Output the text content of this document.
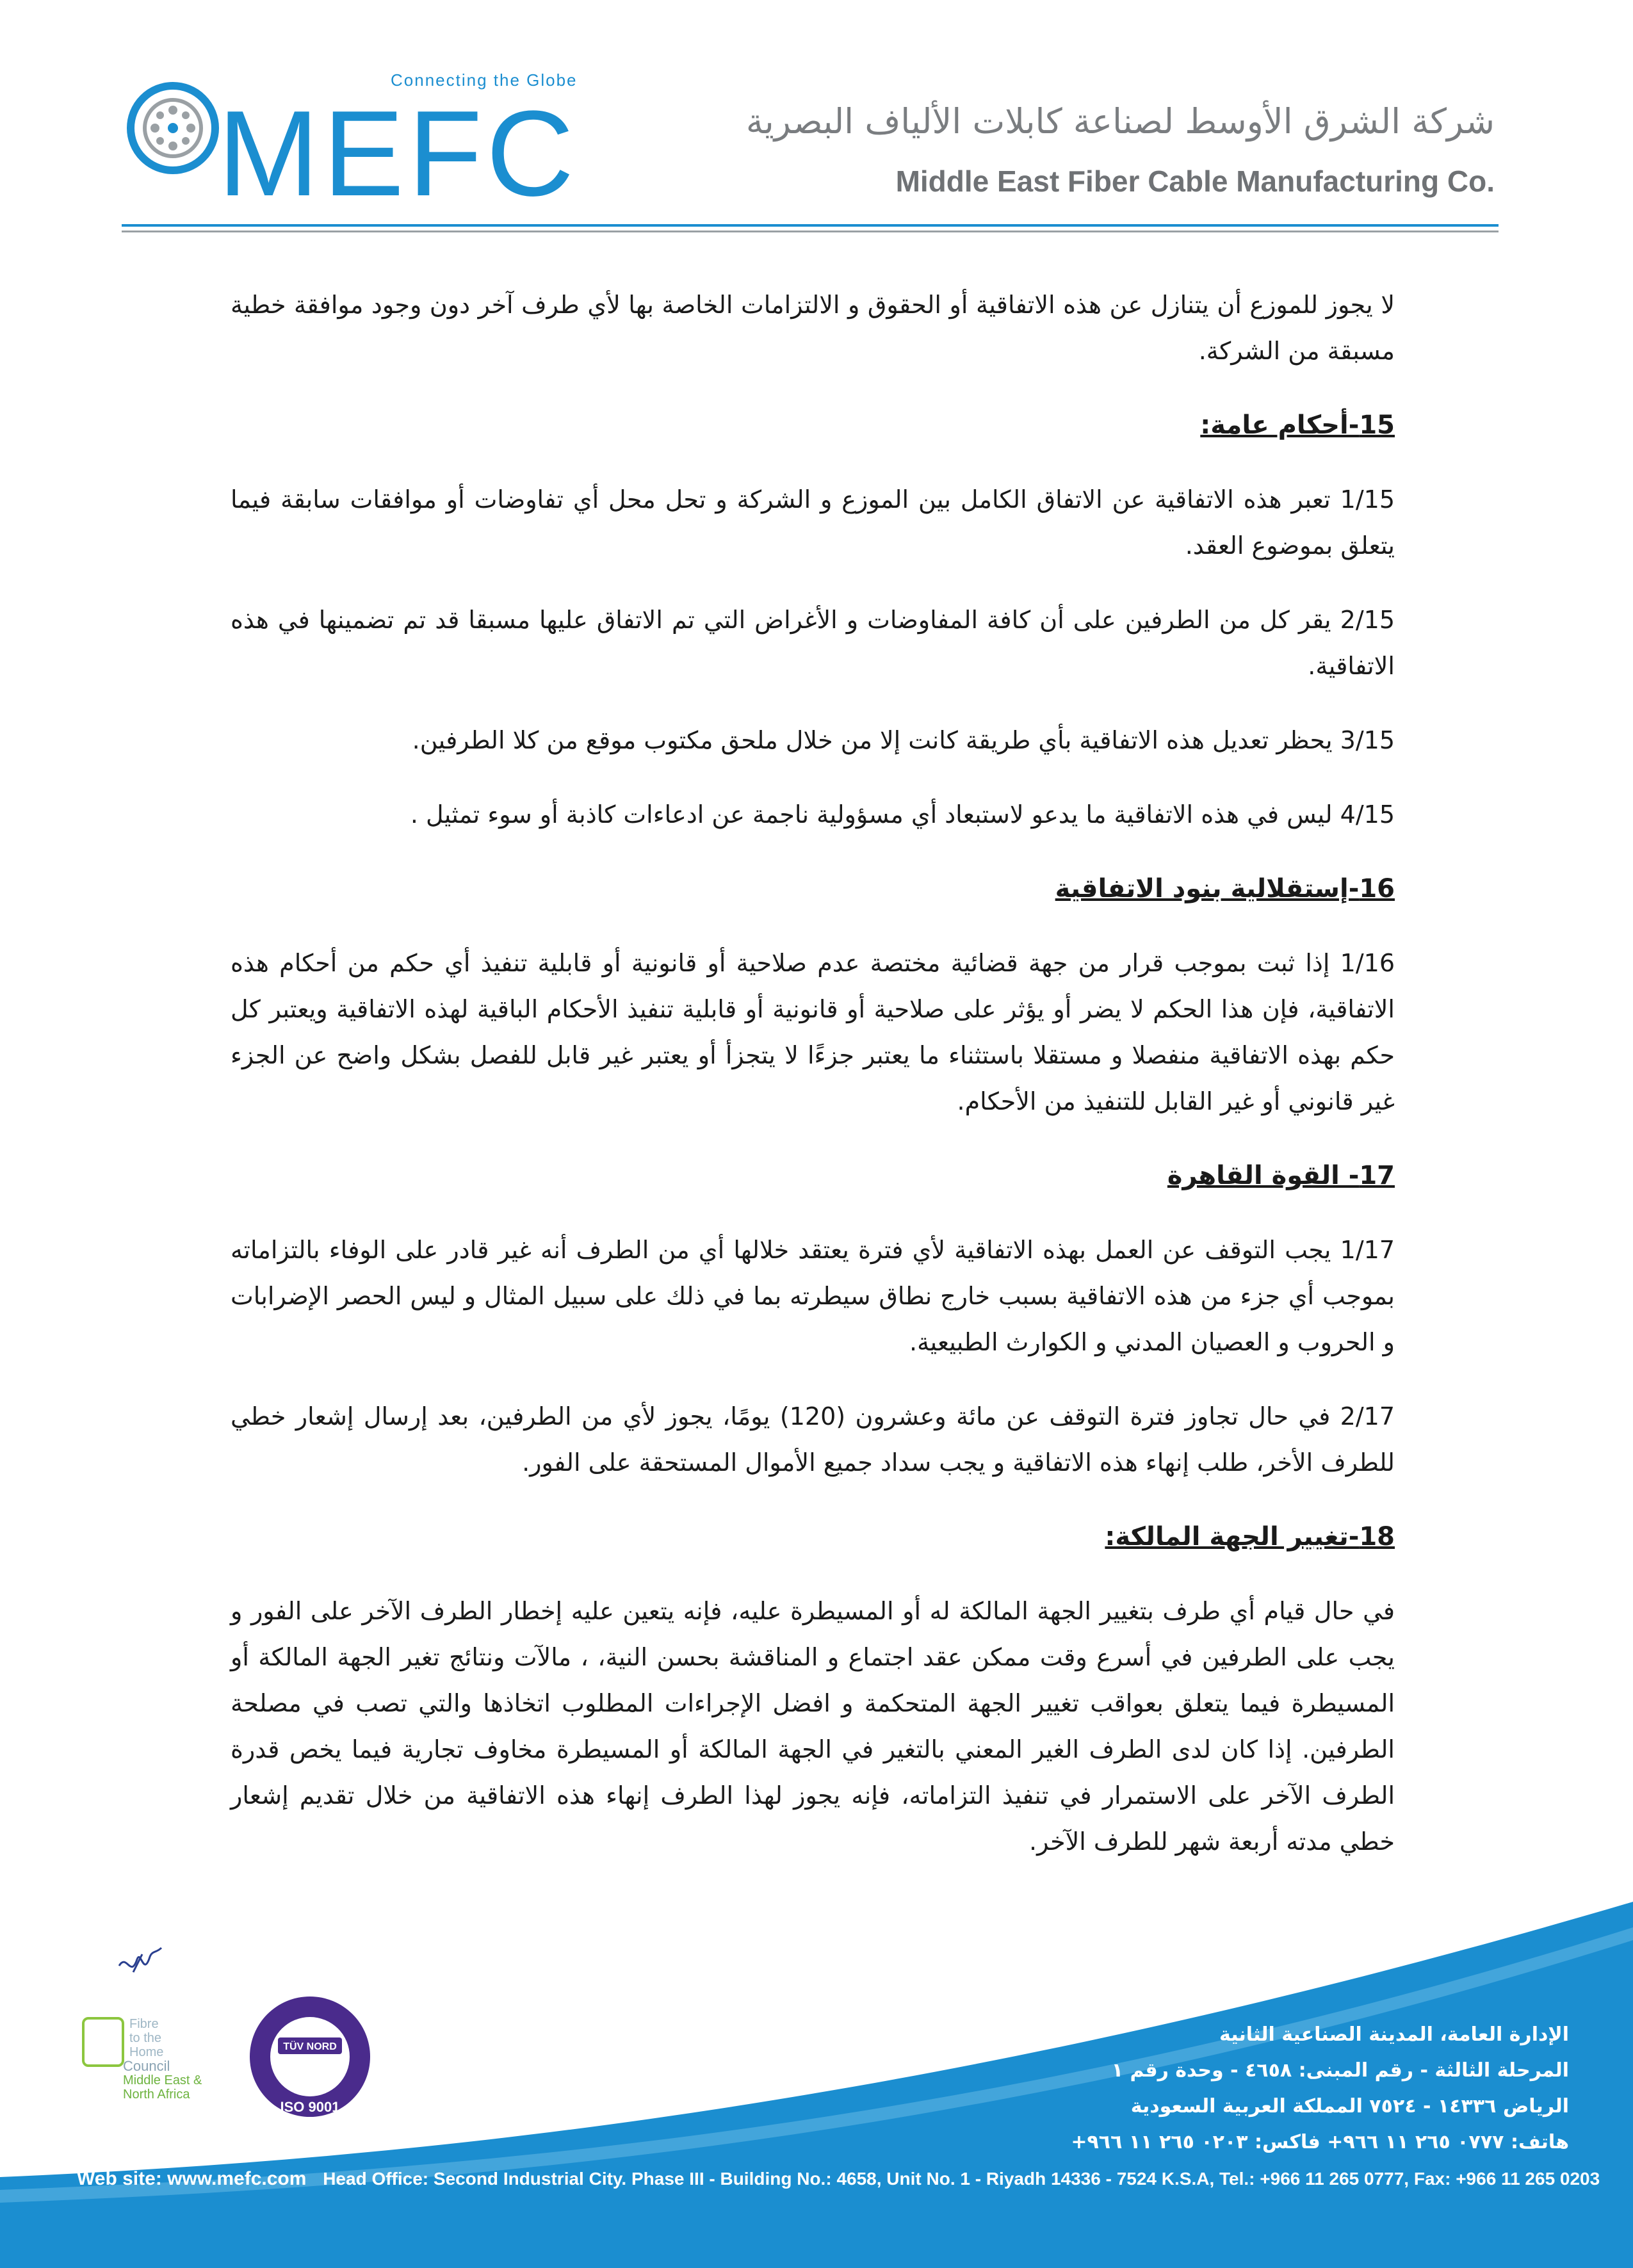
Connecting the Globe
MEFC	شركة الشرق الأوسط لصناعة كابلات الألياف البصرية
Middle East Fiber Cable Manufacturing Co.

لا يجوز للموزع أن يتنازل عن هذه الاتفاقية أو الحقوق و الالتزامات الخاصة بها لأي طرف آخر دون وجود موافقة خطية مسبقة من الشركة.

15-أحكام عامة:

1/15 تعبر هذه الاتفاقية عن الاتفاق الكامل بين الموزع و الشركة و تحل محل أي تفاوضات أو موافقات سابقة فيما يتعلق بموضوع العقد.

2/15 يقر كل من الطرفين على أن كافة المفاوضات و الأغراض التي تم الاتفاق عليها مسبقا قد تم تضمينها في هذه الاتفاقية.

3/15 يحظر تعديل هذه الاتفاقية بأي طريقة كانت إلا من خلال ملحق مكتوب موقع من كلا الطرفين.

4/15 ليس في هذه الاتفاقية ما يدعو لاستبعاد أي مسؤولية ناجمة عن ادعاءات كاذبة أو سوء تمثيل .

16-إستقلالية بنود الاتفاقية

1/16 إذا ثبت بموجب قرار من جهة قضائية مختصة عدم صلاحية أو قانونية أو قابلية تنفيذ أي حكم من أحكام هذه الاتفاقية، فإن هذا الحكم لا يضر أو يؤثر على صلاحية أو قانونية أو قابلية تنفيذ الأحكام الباقية لهذه الاتفاقية ويعتبر كل حكم بهذه الاتفاقية منفصلا و مستقلا باستثناء ما يعتبر جزءًا لا يتجزأ أو يعتبر غير قابل للفصل بشكل واضح عن الجزء غير قانوني أو غير القابل للتنفيذ من الأحكام.

17- القوة القاهرة

1/17 يجب التوقف عن العمل بهذه الاتفاقية لأي فترة يعتقد خلالها أي من الطرف أنه غير قادر على الوفاء بالتزاماته بموجب أي جزء من هذه الاتفاقية بسبب خارج نطاق سيطرته بما في ذلك على سبيل المثال و ليس الحصر الإضرابات و الحروب و العصيان المدني و الكوارث الطبيعية.

2/17 في حال تجاوز فترة التوقف عن مائة وعشرون (120) يومًا، يجوز لأي من الطرفين، بعد إرسال إشعار خطي للطرف الأخر، طلب إنهاء هذه الاتفاقية و يجب سداد جميع الأموال المستحقة على الفور.

18-تغيير الجهة المالكة:

في حال قيام أي طرف بتغيير الجهة المالكة له أو المسيطرة عليه، فإنه يتعين عليه إخطار الطرف الآخر على الفور و يجب على الطرفين في أسرع وقت ممكن عقد اجتماع و المناقشة بحسن النية، ، مالآت ونتائج تغير الجهة المالكة أو المسيطرة فيما يتعلق بعواقب تغيير الجهة المتحكمة و افضل الإجراءات المطلوب اتخاذها والتي تصب في مصلحة الطرفين. إذا كان لدى الطرف الغير المعني بالتغير في الجهة المالكة أو المسيطرة مخاوف تجارية فيما يخص قدرة الطرف الآخر على الاستمرار في تنفيذ التزاماته، فإنه يجوز لهذا الطرف إنهاء هذه الاتفاقية من خلال تقديم إشعار خطي مدته أربعة شهر للطرف الآخر.

Fibre
to the
Home
Council
Middle East &
North Africa
TÜV NORD
ISO 9001
الإدارة العامة، المدينة الصناعية الثانية
المرحلة الثالثة - رقم المبنى: ٤٦٥٨ - وحدة رقم ١
الرياض ١٤٣٣٦ - ٧٥٢٤ المملكة العربية السعودية
هاتف: ٠٧٧٧ ٢٦٥ ١١ ٩٦٦+ فاكس: ٠٢٠٣ ٢٦٥ ١١ ٩٦٦+
Web site: www.mefc.com Head Office: Second Industrial City. Phase III - Building No.: 4658, Unit No. 1 - Riyadh 14336 - 7524 K.S.A, Tel.: +966 11 265 0777, Fax: +966 11 265 0203
